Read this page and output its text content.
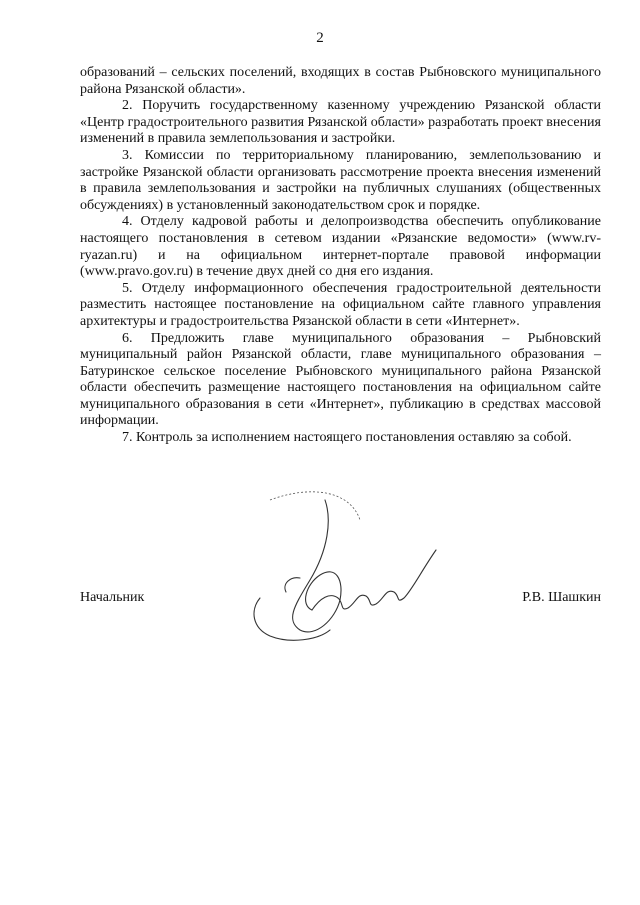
2

образований – сельских поселений, входящих в состав Рыбновского муниципального района Рязанской области».

2. Поручить государственному казенному учреждению Рязанской области «Центр градостроительного развития Рязанской области» разработать проект внесения изменений в правила землепользования и застройки.

3. Комиссии по территориальному планированию, землепользованию и застройке Рязанской области организовать рассмотрение проекта внесения изменений в правила землепользования и застройки на публичных слушаниях (общественных обсуждениях) в установленный законодательством срок и порядке.

4. Отделу кадровой работы и делопроизводства обеспечить опубликование настоящего постановления в сетевом издании «Рязанские ведомости» (www.rv-ryazan.ru) и на официальном интернет-портале правовой информации (www.pravo.gov.ru) в течение двух дней со дня его издания.

5. Отделу информационного обеспечения градостроительной деятельности разместить настоящее постановление на официальном сайте главного управления архитектуры и градостроительства Рязанской области в сети «Интернет».

6. Предложить главе муниципального образования – Рыбновский муниципальный район Рязанской области, главе муниципального образования – Батуринское сельское поселение Рыбновского муниципального района Рязанской области обеспечить размещение настоящего постановления на официальном сайте муниципального образования в сети «Интернет», публикацию в средствах массовой информации.

7. Контроль за исполнением настоящего постановления оставляю за собой.

Начальник	Р.В. Шашкин
